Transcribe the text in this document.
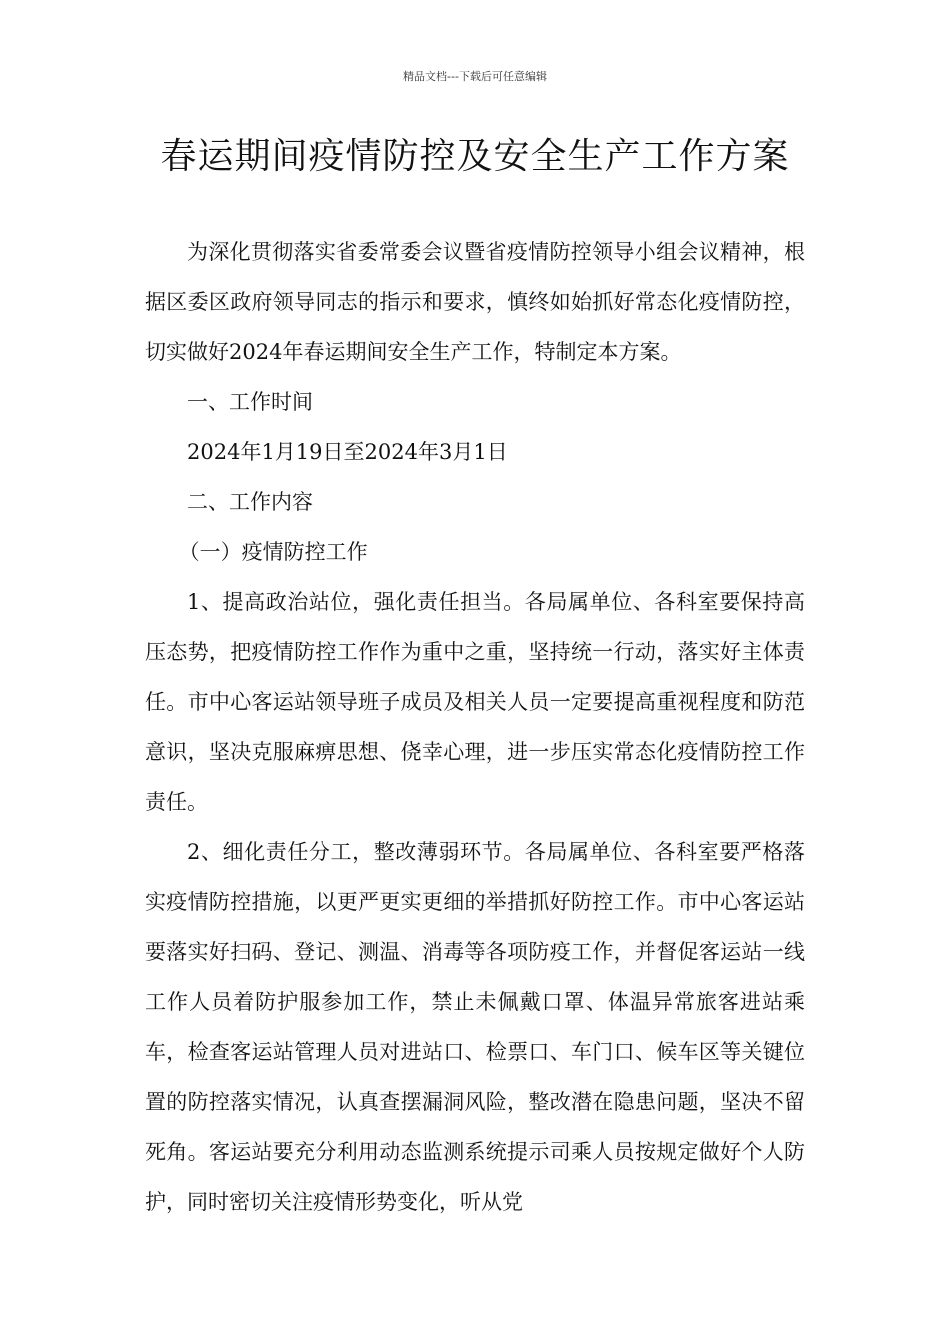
精品文档---下载后可任意编辑
春运期间疫情防控及安全生产工作方案

为深化贯彻落实省委常委会议暨省疫情防控领导小组会议精神，根据区委区政府领导同志的指示和要求，慎终如始抓好常态化疫情防控，切实做好2024年春运期间安全生产工作，特制定本方案。

一、工作时间

2024年1月19日至2024年3月1日

二、工作内容

（一）疫情防控工作

1、提高政治站位，强化责任担当。各局属单位、各科室要保持高压态势，把疫情防控工作作为重中之重，坚持统一行动，落实好主体责任。市中心客运站领导班子成员及相关人员一定要提高重视程度和防范意识，坚决克服麻痹思想、侥幸心理，进一步压实常态化疫情防控工作责任。

2、细化责任分工，整改薄弱环节。各局属单位、各科室要严格落实疫情防控措施，以更严更实更细的举措抓好防控工作。市中心客运站要落实好扫码、登记、测温、消毒等各项防疫工作，并督促客运站一线工作人员着防护服参加工作，禁止未佩戴口罩、体温异常旅客进站乘车，检查客运站管理人员对进站口、检票口、车门口、候车区等关键位置的防控落实情况，认真查摆漏洞风险，整改潜在隐患问题，坚决不留死角。客运站要充分利用动态监测系统提示司乘人员按规定做好个人防护，同时密切关注疫情形势变化，听从党
